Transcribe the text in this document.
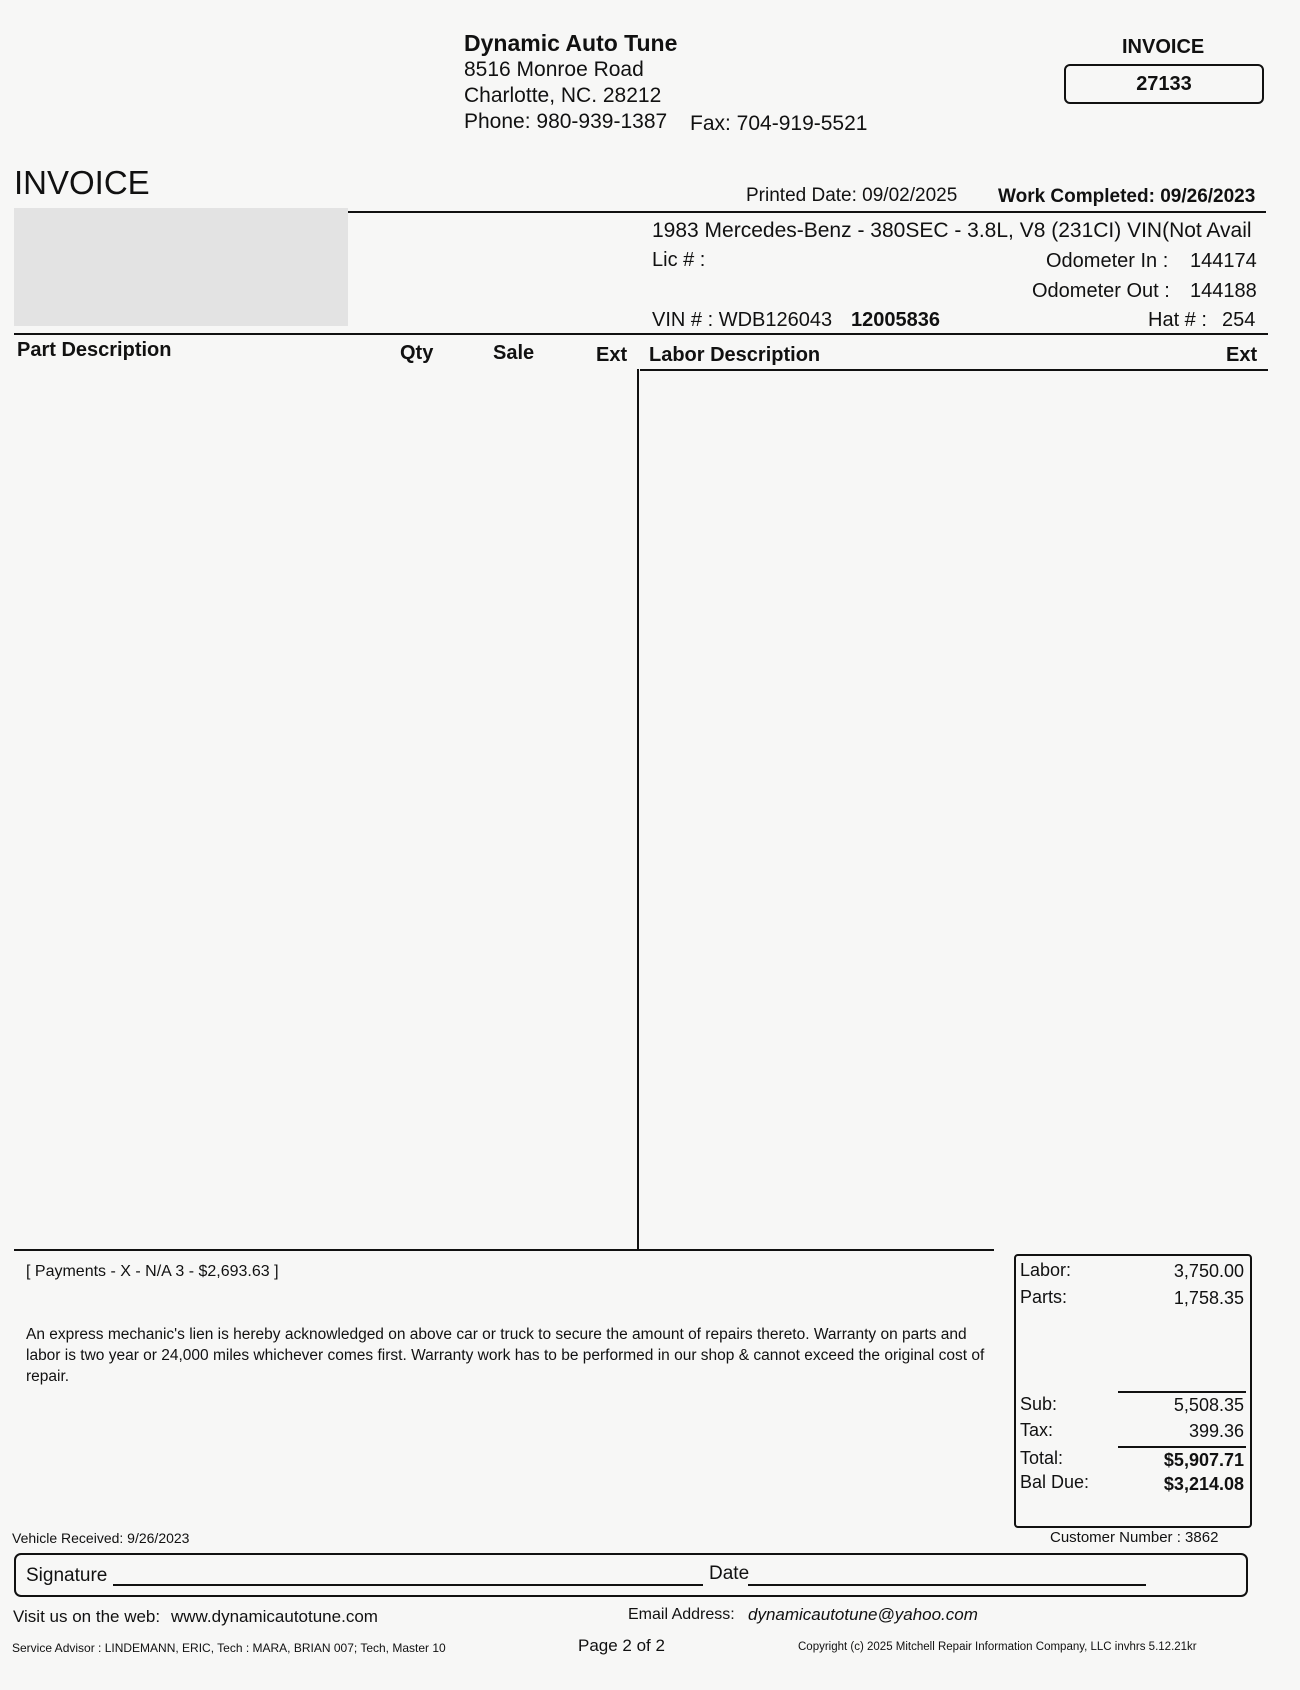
Dynamic Auto Tune
8516 Monroe Road
Charlotte, NC. 28212
Phone: 980-939-1387 Fax: 704-919-5521
INVOICE
27133
INVOICE	Printed Date: 09/02/2025 Work Completed: 09/26/2023
1983 Mercedes-Benz - 380SEC - 3.8L, V8 (231CI) VIN(Not Avail
Lic # :	Odometer In : 144174
Odometer Out : 144188
VIN # : WDB126043 12005836	Hat # : 254
Part Description	Qty	Sale	Ext Labor Description	Ext
[ Payments - X - N/A 3 - $2,693.63 ]
An express mechanic's lien is hereby acknowledged on above car or truck to secure the amount of repairs thereto. Warranty on parts and labor is two year or 24,000 miles whichever comes first. Warranty work has to be performed in our shop & cannot exceed the original cost of repair.
Labor:	3,750.00
Parts:	1,758.35
Sub:	5,508.35
Tax:	399.36
Total:	$5,907.71
Bal Due:	$3,214.08
Vehicle Received: 9/26/2023	Customer Number : 3862
Signature	Date
Visit us on the web: www.dynamicautotune.com	Email Address: dynamicautotune@yahoo.com
Service Advisor : LINDEMANN, ERIC, Tech : MARA, BRIAN 007; Tech, Master 10	Page 2 of 2	Copyright (c) 2025 Mitchell Repair Information Company, LLC invhrs 5.12.21kr
